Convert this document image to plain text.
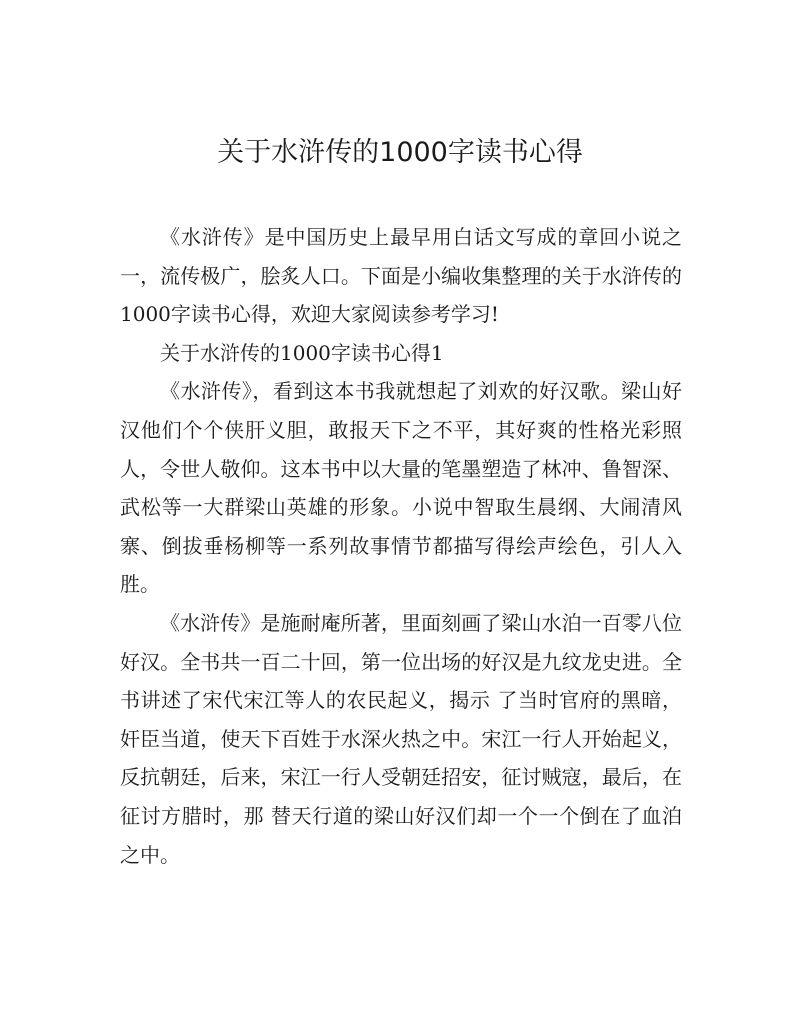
关于水浒传的1000字读书心得

《水浒传》是中国历史上最早用白话文写成的章回小说之一，流传极广，脍炙人口。下面是小编收集整理的关于水浒传的1000字读书心得，欢迎大家阅读参考学习!

关于水浒传的1000字读书心得1

《水浒传》，看到这本书我就想起了刘欢的好汉歌。梁山好汉他们个个侠肝义胆，敢报天下之不平，其好爽的性格光彩照人，令世人敬仰。这本书中以大量的笔墨塑造了林冲、鲁智深、武松等一大群梁山英雄的形象。小说中智取生晨纲、大闹清风寨、倒拔垂杨柳等一系列故事情节都描写得绘声绘色，引人入胜。

《水浒传》是施耐庵所著，里面刻画了梁山水泊一百零八位好汉。全书共一百二十回，第一位出场的好汉是九纹龙史进。全书讲述了宋代宋江等人的农民起义，揭示 了当时官府的黑暗，奸臣当道，使天下百姓于水深火热之中。宋江一行人开始起义，反抗朝廷，后来，宋江一行人受朝廷招安，征讨贼寇，最后，在征讨方腊时，那 替天行道的梁山好汉们却一个一个倒在了血泊之中。
